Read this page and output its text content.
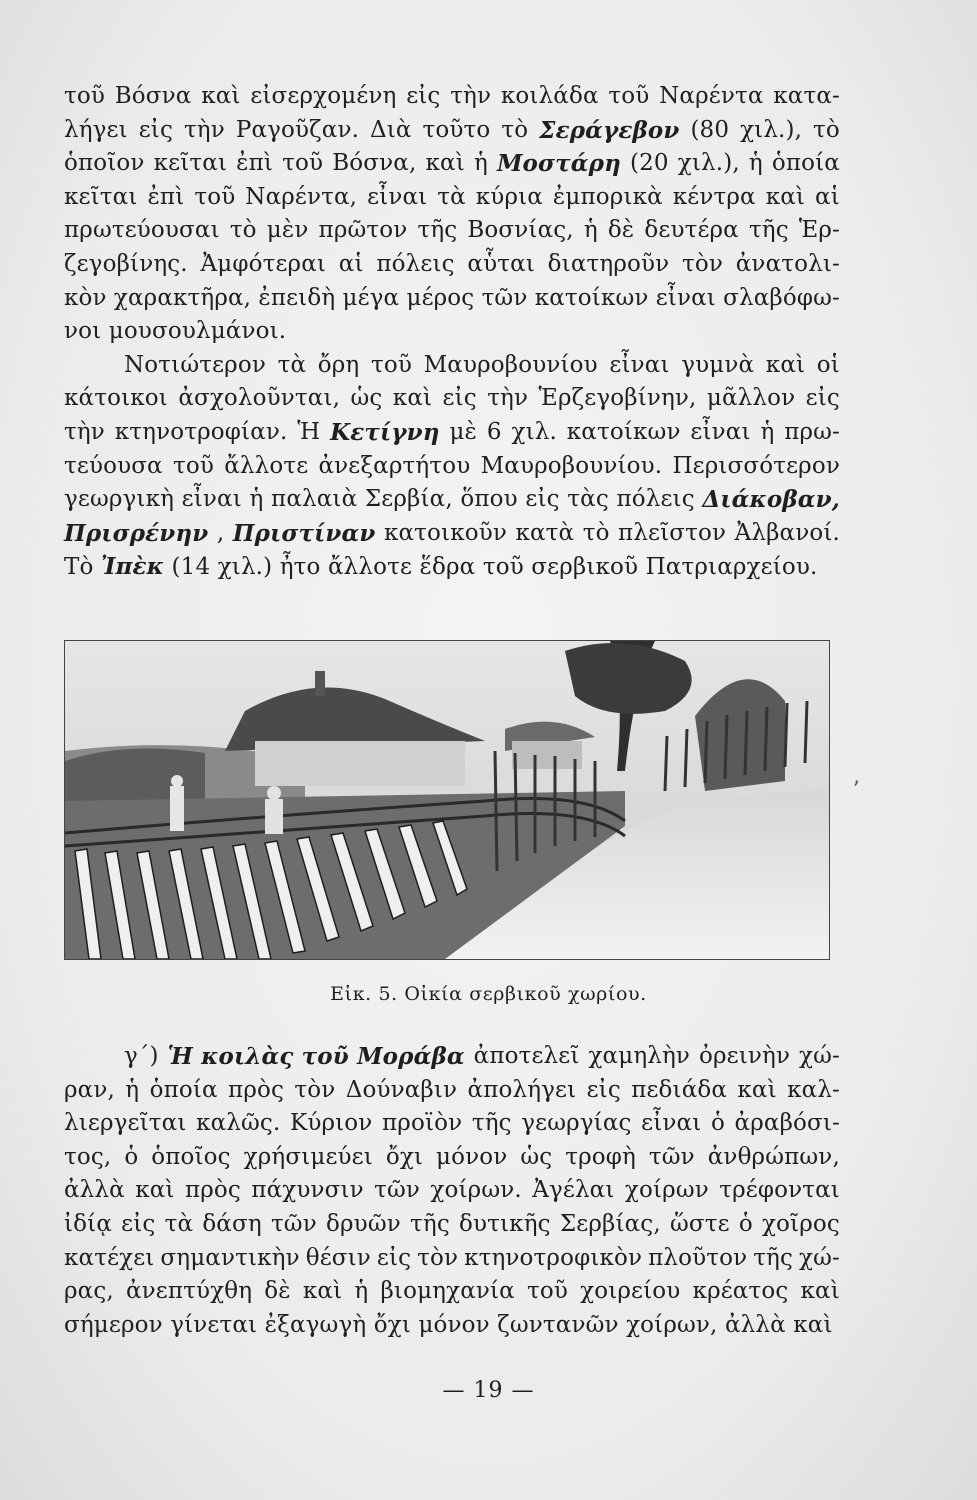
τοῦ Βόσνα καὶ εἰσερχομένη εἰς τὴν κοιλάδα τοῦ Ναρέντα κατα-
λήγει εἰς τὴν Ραγοῦζαν. Διὰ τοῦτο τὸ Σεράγεβον (80 χιλ.), τὸ
ὁποῖον κεῖται ἐπὶ τοῦ Βόσνα, καὶ ἡ Μοστάρη (20 χιλ.), ἡ ὁποία
κεῖται ἐπὶ τοῦ Ναρέντα, εἶναι τὰ κύρια ἐμπορικὰ κέντρα καὶ αἱ
πρωτεύουσαι τὸ μὲν πρῶτον τῆς Βοσνίας, ἡ δὲ δευτέρα τῆς Ἑρ-
ζεγοβίνης. Ἀμφότεραι αἱ πόλεις αὗται διατηροῦν τὸν ἀνατολι-
κὸν χαρακτῆρα, ἐπειδὴ μέγα μέρος τῶν κατοίκων εἶναι σλαβόφω-
νοι μουσουλμάνοι.

Νοτιώτερον τὰ ὄρη τοῦ Μαυροβουνίου εἶναι γυμνὰ καὶ οἱ
κάτοικοι ἀσχολοῦνται, ὡς καὶ εἰς τὴν Ἑρζεγοβίνην, μᾶλλον εἰς
τὴν κτηνοτροφίαν. Ἡ Κετίγνη μὲ 6 χιλ. κατοίκων εἶναι ἡ πρω-
τεύουσα τοῦ ἄλλοτε ἀνεξαρτήτου Μαυροβουνίου. Περισσότερον
γεωργικὴ εἶναι ἡ παλαιὰ Σερβία, ὅπου εἰς τὰς πόλεις Διάκοβαν,
Πρισρένην , Πριστίναν κατοικοῦν κατὰ τὸ πλεῖστον Ἀλβανοί.
Τὸ Ἰπὲκ (14 χιλ.) ἦτο ἄλλοτε ἕδρα τοῦ σερβικοῦ Πατριαρχείου.

Εἰκ. 5. Οἰκία σερβικοῦ χωρίου.

γ΄) Ἡ κοιλὰς τοῦ Μοράβα ἀποτελεῖ χαμηλὴν ὀρεινὴν χώ-
ραν, ἡ ὁποία πρὸς τὸν Δούναβιν ἀπολήγει εἰς πεδιάδα καὶ καλ-
λιεργεῖται καλῶς. Κύριον προϊὸν τῆς γεωργίας εἶναι ὁ ἀραβόσι-
τος, ὁ ὁποῖος χρήσιμεύει ὄχι μόνον ὡς τροφὴ τῶν ἀνθρώπων,
ἀλλὰ καὶ πρὸς πάχυνσιν τῶν χοίρων. Ἀγέλαι χοίρων τρέφονται
ἰδίᾳ εἰς τὰ δάση τῶν δρυῶν τῆς δυτικῆς Σερβίας, ὥστε ὁ χοῖρος
κατέχει σημαντικὴν θέσιν εἰς τὸν κτηνοτροφικὸν πλοῦτον τῆς χώ-
ρας, ἀνεπτύχθη δὲ καὶ ἡ βιομηχανία τοῦ χοιρείου κρέατος καὶ
σήμερον γίνεται ἐξαγωγὴ ὄχι μόνον ζωντανῶν χοίρων, ἀλλὰ καὶ

— 19 —
ʼ
